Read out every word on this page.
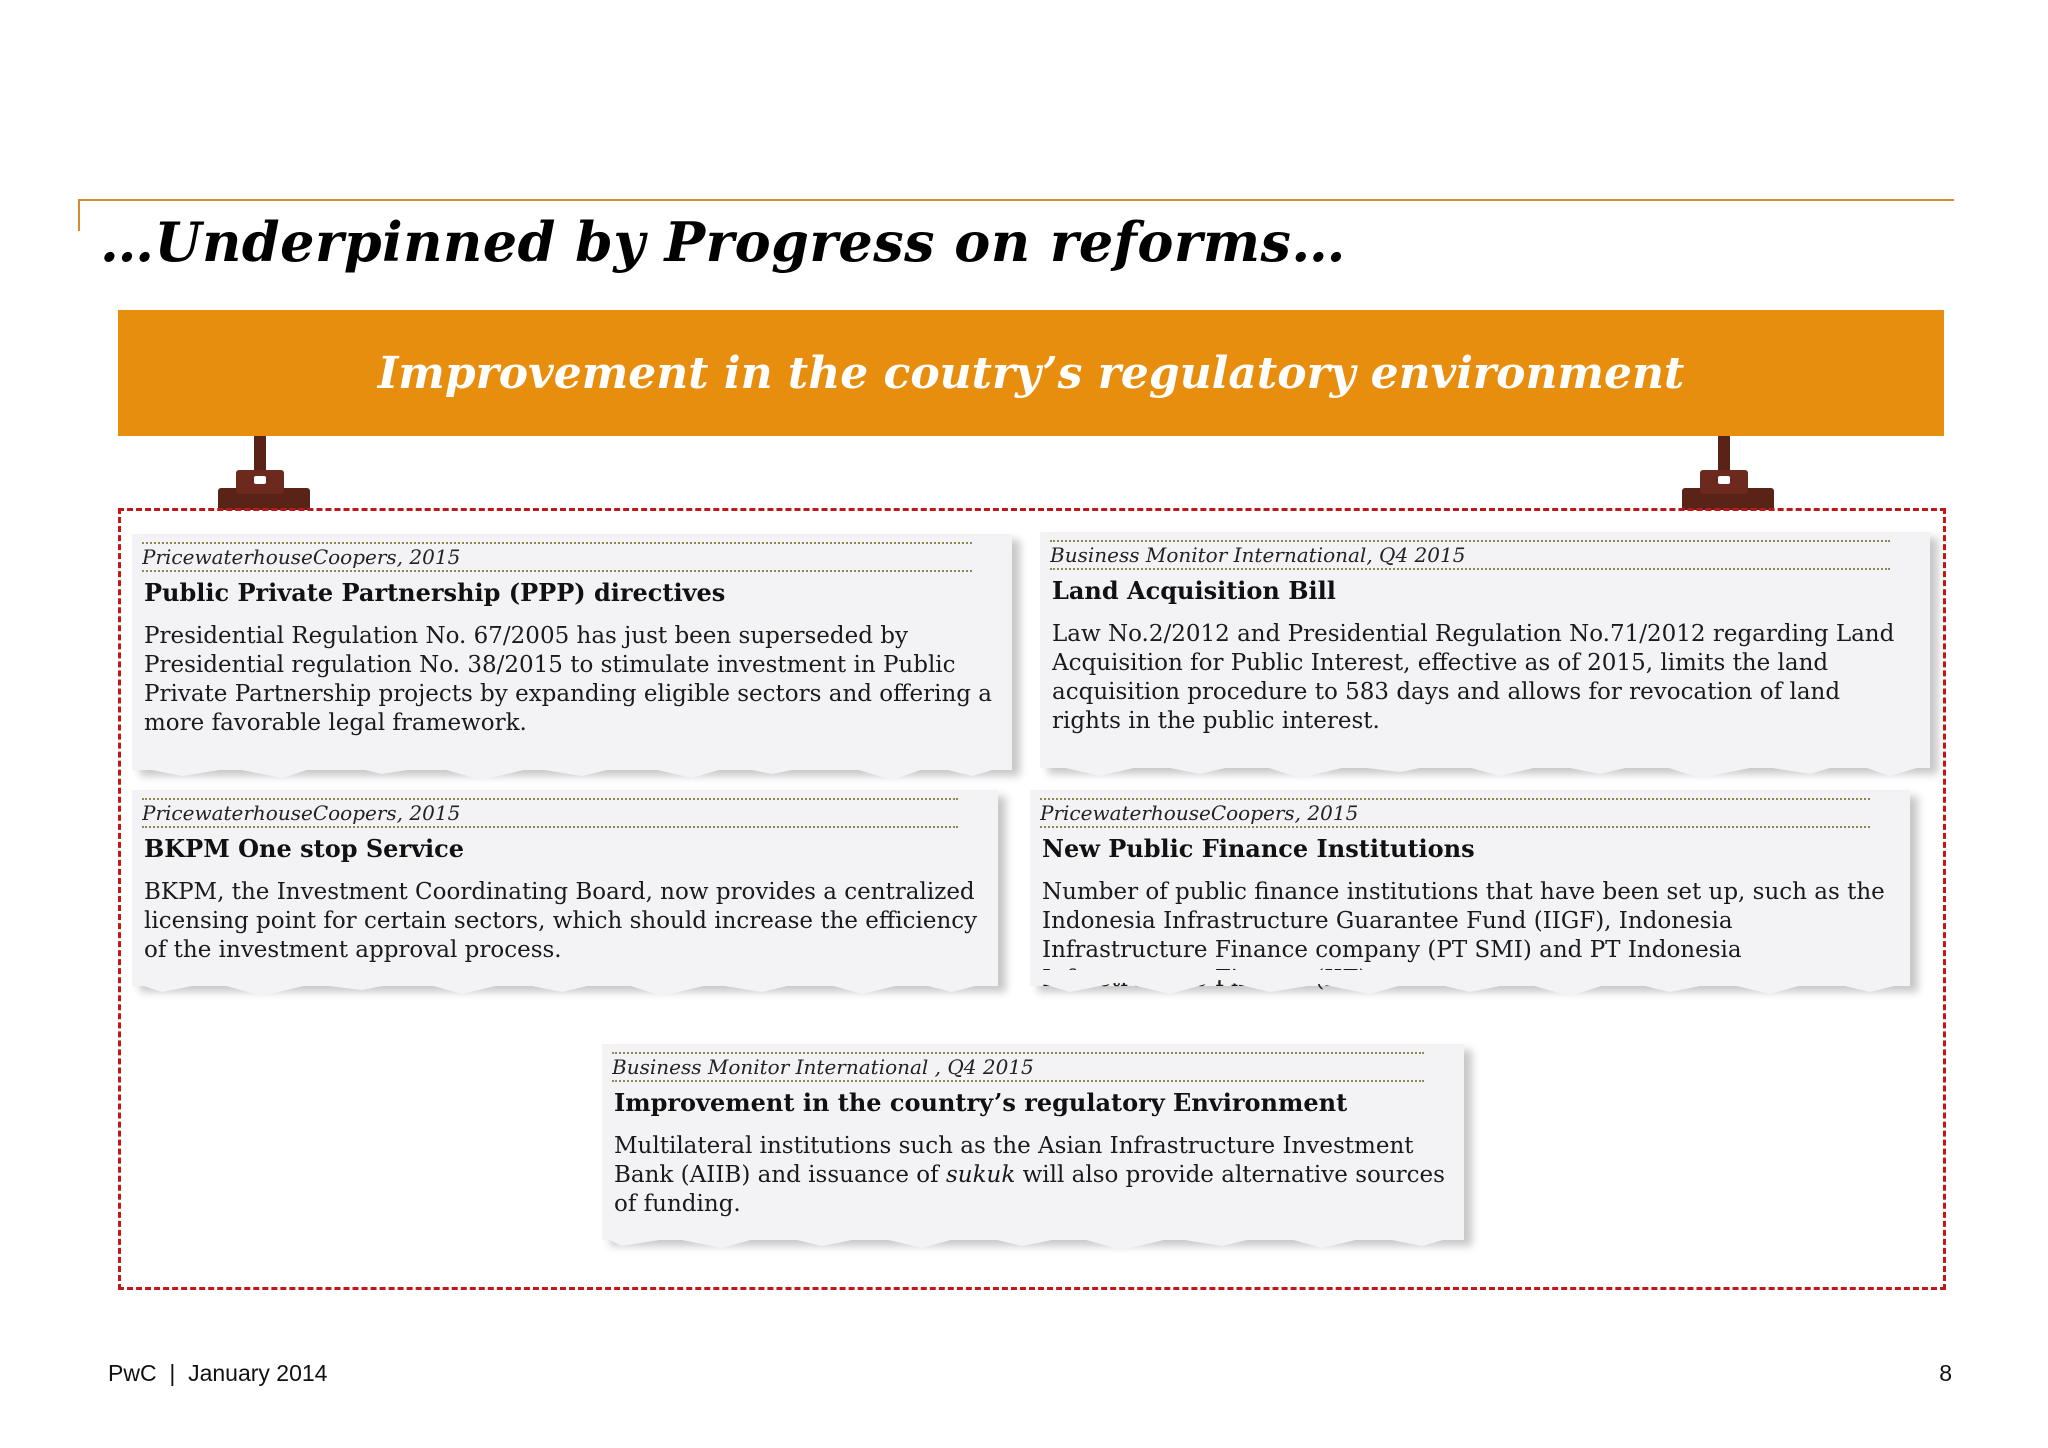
…Underpinned by Progress on reforms…
Improvement in the coutry’s regulatory environment
PricewaterhouseCoopers, 2015
Public Private Partnership (PPP) directives
Presidential Regulation No. 67/2005 has just been superseded by Presidential regulation No. 38/2015 to stimulate investment in Public Private Partnership projects by expanding eligible sectors and offering a more favorable legal framework.
Business Monitor International, Q4 2015
Land Acquisition Bill
Law No.2/2012 and Presidential Regulation No.71/2012 regarding Land Acquisition for Public Interest, effective as of 2015, limits the land acquisition procedure to 583 days and allows for revocation of land rights in the public interest.
PricewaterhouseCoopers, 2015
BKPM One stop Service
BKPM, the Investment Coordinating Board, now provides a centralized licensing point for certain sectors, which should increase the efficiency of the investment approval process.
PricewaterhouseCoopers, 2015
New Public Finance Institutions
Number of public finance institutions that have been set up, such as the Indonesia Infrastructure Guarantee Fund (IIGF), Indonesia Infrastructure Finance company (PT SMI) and PT Indonesia
Business Monitor International , Q4 2015
Improvement in the country’s regulatory Environment
Multilateral institutions such as the Asian Infrastructure Investment Bank (AIIB) and issuance of sukuk will also provide alternative sources of funding.
PwC  |  January 2014	8
